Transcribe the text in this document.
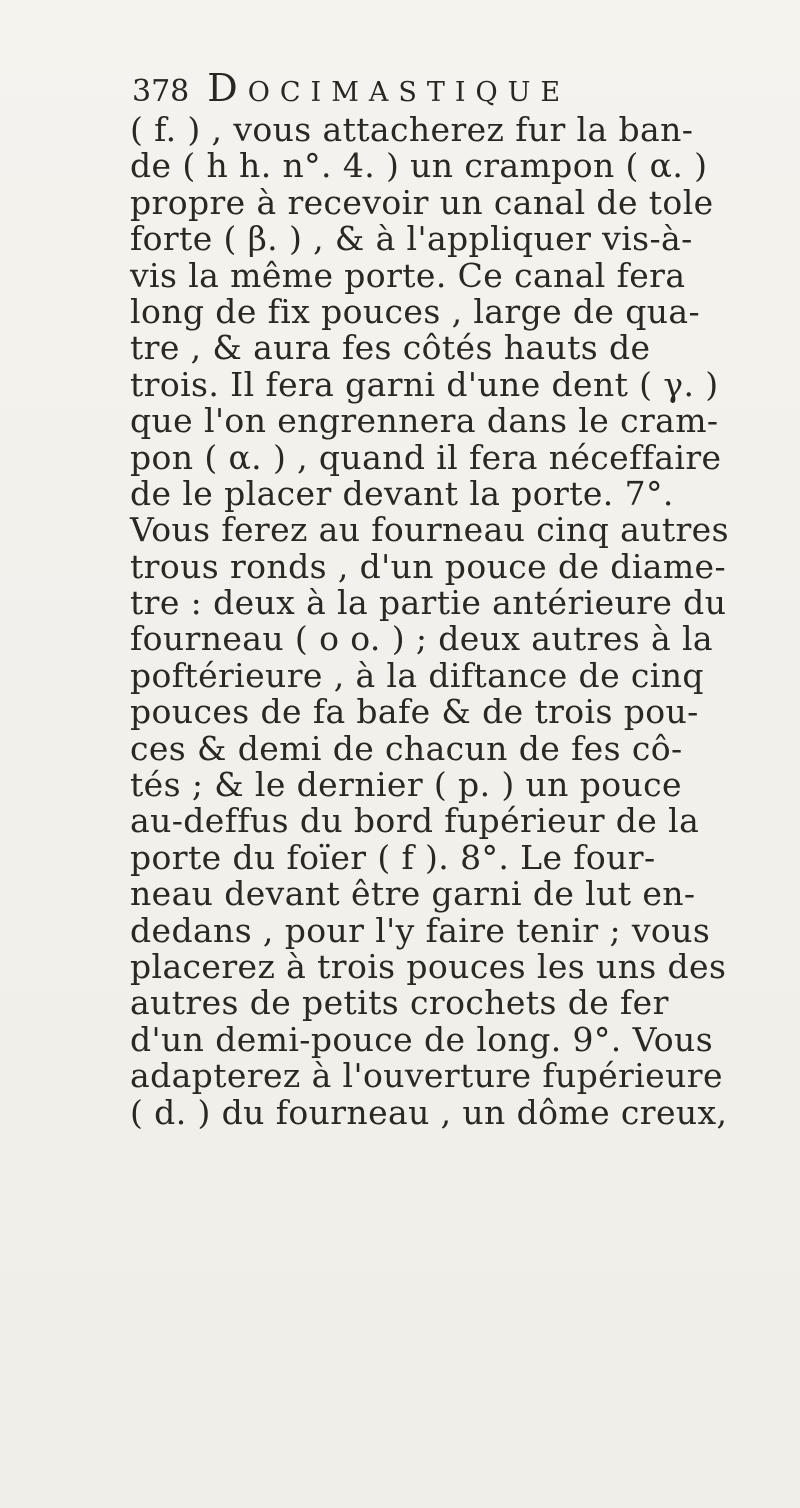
378 Docimastique
( f. ) , vous attacherez fur la ban-
de ( h h. n°. 4. ) un crampon ( α. )
propre à recevoir un canal de tole
forte ( β. ) , & à l'appliquer vis-à-
vis la même porte. Ce canal fera
long de fix pouces , large de qua-
tre , & aura fes côtés hauts de
trois. Il fera garni d'une dent ( γ. )
que l'on engrennera dans le cram-
pon ( α. ) , quand il fera néceffaire
de le placer devant la porte. 7°.
Vous ferez au fourneau cinq autres
trous ronds , d'un pouce de diame-
tre : deux à la partie antérieure du
fourneau ( o o. ) ; deux autres à la
poftérieure , à la diftance de cinq
pouces de fa bafe & de trois pou-
ces & demi de chacun de fes cô-
tés ; & le dernier ( p. ) un pouce
au-deffus du bord fupérieur de la
porte du foïer ( f ). 8°. Le four-
neau devant être garni de lut en-
dedans , pour l'y faire tenir ; vous
placerez à trois pouces les uns des
autres de petits crochets de fer
d'un demi-pouce de long. 9°. Vous
adapterez à l'ouverture fupérieure
( d. ) du fourneau , un dôme creux,
